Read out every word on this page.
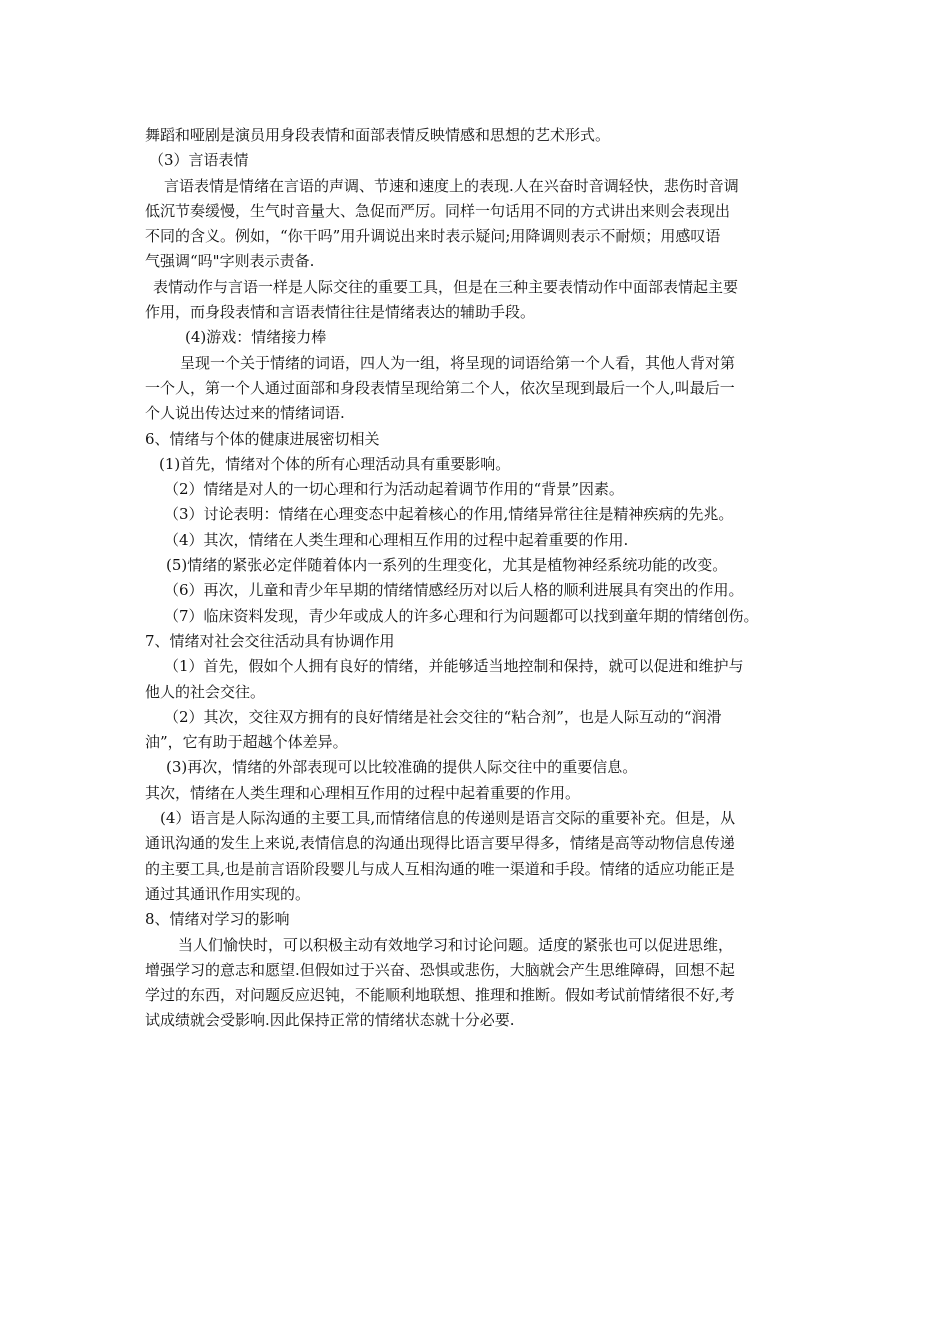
舞蹈和哑剧是演员用身段表情和面部表情反映情感和思想的艺术形式。
（3）言语表情
言语表情是情绪在言语的声调、节速和速度上的表现.人在兴奋时音调轻快，悲伤时音调
低沉节奏缓慢，生气时音量大、急促而严厉。同样一句话用不同的方式讲出来则会表现出
不同的含义。例如，“你干吗”用升调说出来时表示疑问;用降调则表示不耐烦；用感叹语
气强调“吗"字则表示责备.
表情动作与言语一样是人际交往的重要工具，但是在三种主要表情动作中面部表情起主要
作用，而身段表情和言语表情往往是情绪表达的辅助手段。
(4)游戏：情绪接力棒
呈现一个关于情绪的词语，四人为一组，将呈现的词语给第一个人看，其他人背对第
一个人，第一个人通过面部和身段表情呈现给第二个人，依次呈现到最后一个人,叫最后一
个人说出传达过来的情绪词语.
6、情绪与个体的健康进展密切相关
(1)首先，情绪对个体的所有心理活动具有重要影响。
（2）情绪是对人的一切心理和行为活动起着调节作用的“背景”因素。
（3）讨论表明：情绪在心理变态中起着核心的作用,情绪异常往往是精神疾病的先兆。
（4）其次，情绪在人类生理和心理相互作用的过程中起着重要的作用.
(5)情绪的紧张必定伴随着体内一系列的生理变化，尤其是植物神经系统功能的改变。
（6）再次，儿童和青少年早期的情绪情感经历对以后人格的顺利进展具有突出的作用。
（7）临床资料发现，青少年或成人的许多心理和行为问题都可以找到童年期的情绪创伤。
7、情绪对社会交往活动具有协调作用
（1）首先，假如个人拥有良好的情绪，并能够适当地控制和保持，就可以促进和维护与
他人的社会交往。
（2）其次，交往双方拥有的良好情绪是社会交往的“粘合剂”，也是人际互动的“润滑
油”，它有助于超越个体差异。
(3)再次，情绪的外部表现可以比较准确的提供人际交往中的重要信息。
其次，情绪在人类生理和心理相互作用的过程中起着重要的作用。
(4）语言是人际沟通的主要工具,而情绪信息的传递则是语言交际的重要补充。但是，从
通讯沟通的发生上来说,表情信息的沟通出现得比语言要早得多，情绪是高等动物信息传递
的主要工具,也是前言语阶段婴儿与成人互相沟通的唯一渠道和手段。情绪的适应功能正是
通过其通讯作用实现的。
8、情绪对学习的影响
当人们愉快时，可以积极主动有效地学习和讨论问题。适度的紧张也可以促进思维，
增强学习的意志和愿望.但假如过于兴奋、恐惧或悲伤，大脑就会产生思维障碍，回想不起
学过的东西，对问题反应迟钝，不能顺利地联想、推理和推断。假如考试前情绪很不好,考
试成绩就会受影响.因此保持正常的情绪状态就十分必要.
